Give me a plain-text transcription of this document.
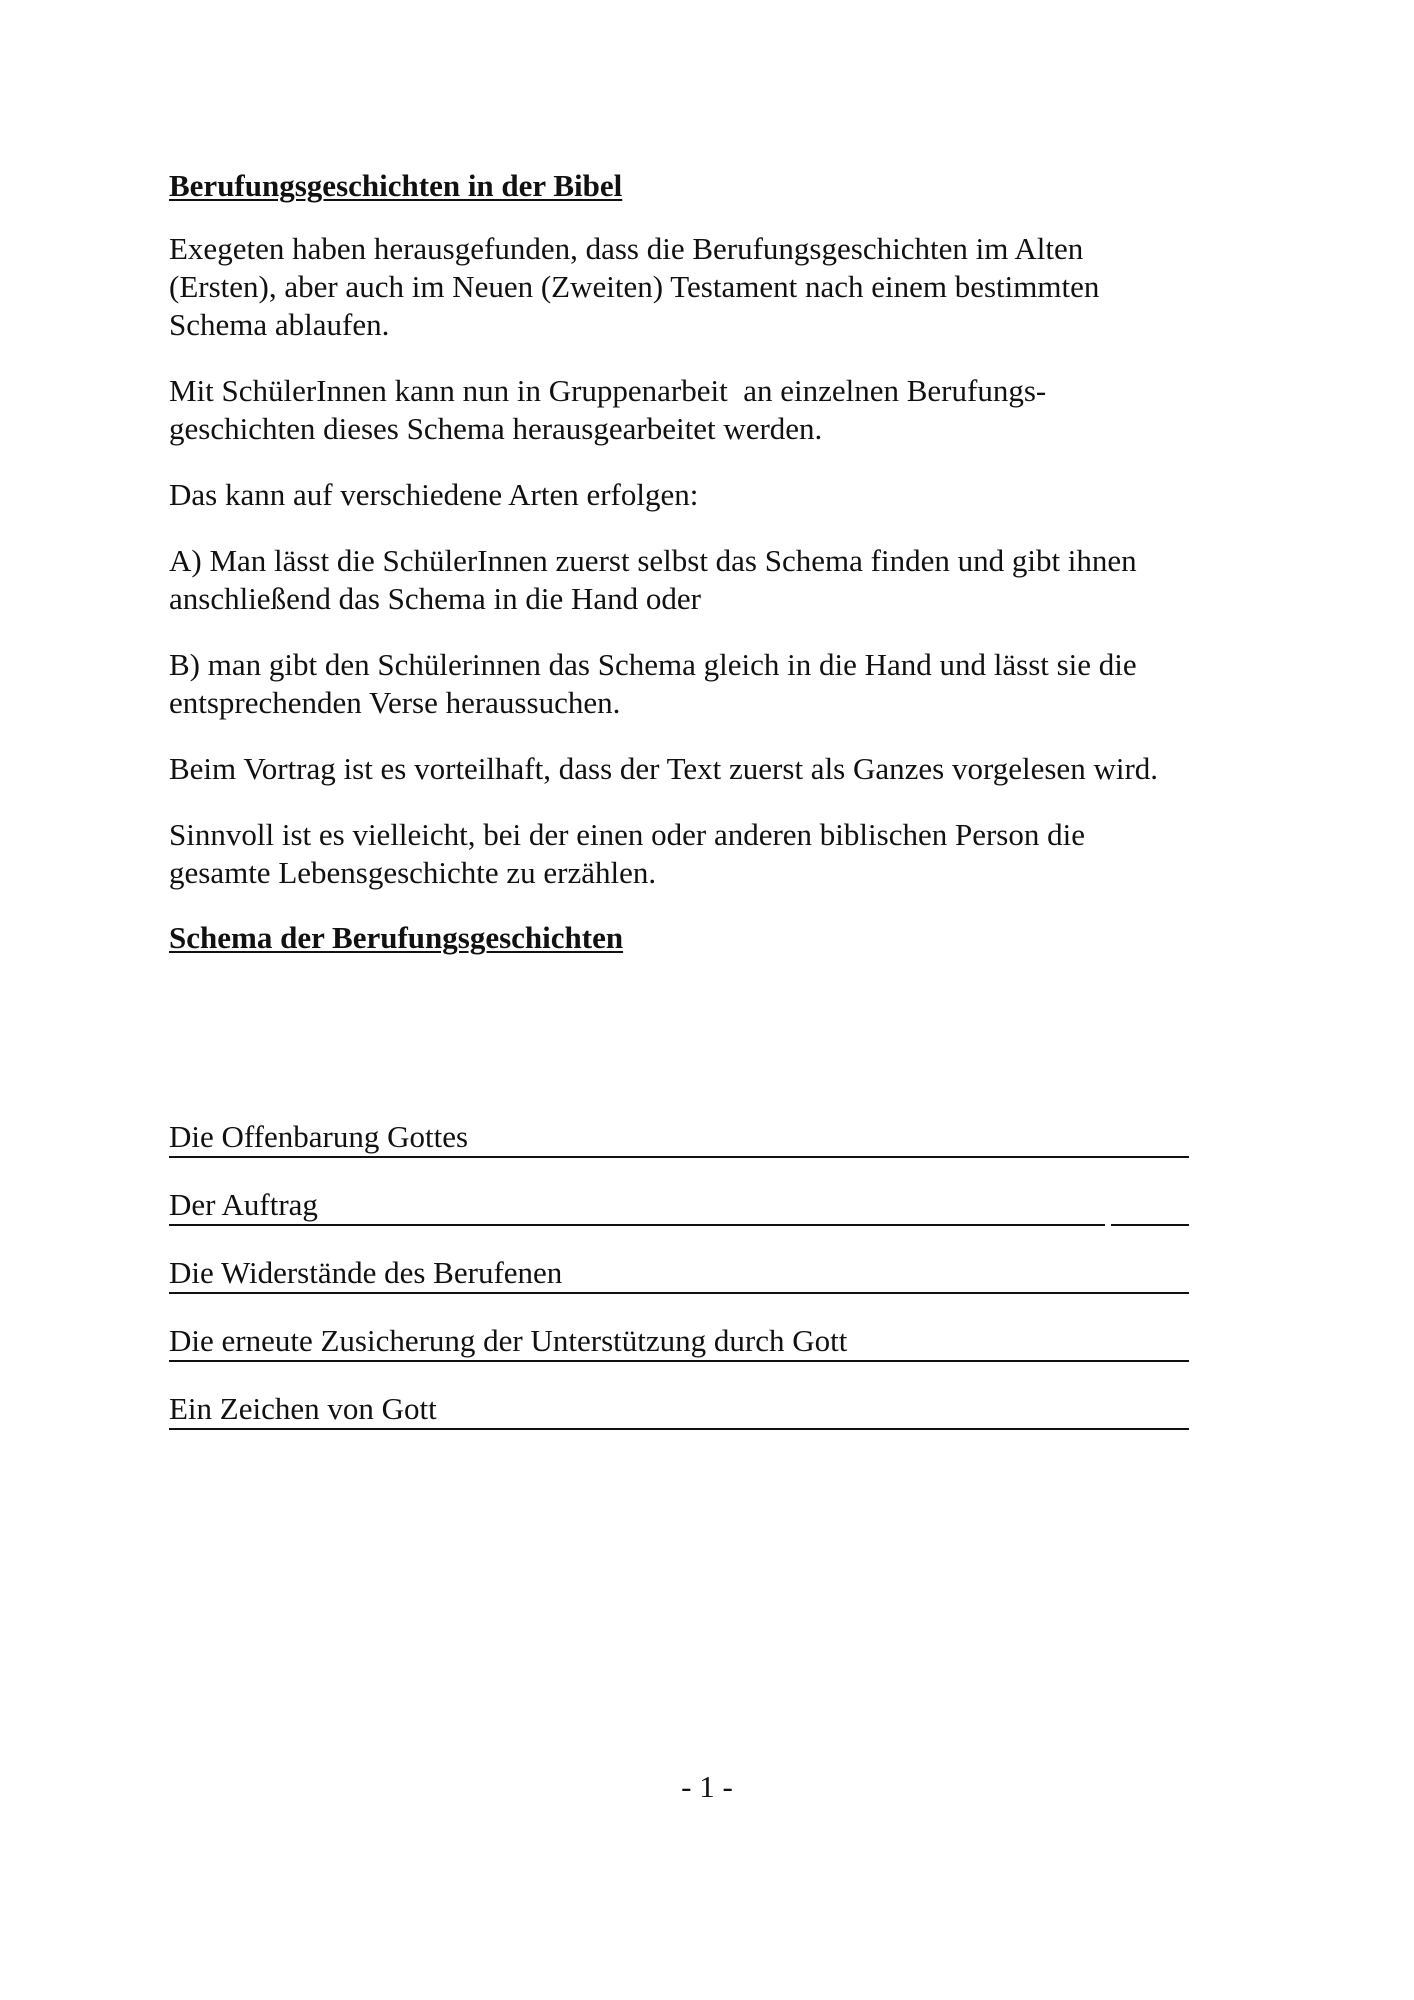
Berufungsgeschichten in der Bibel

Exegeten haben herausgefunden, dass die Berufungsgeschichten im Alten
(Ersten), aber auch im Neuen (Zweiten) Testament nach einem bestimmten
Schema ablaufen.

Mit SchülerInnen kann nun in Gruppenarbeit  an einzelnen Berufungs-
geschichten dieses Schema herausgearbeitet werden.

Das kann auf verschiedene Arten erfolgen:

A) Man lässt die SchülerInnen zuerst selbst das Schema finden und gibt ihnen
anschließend das Schema in die Hand oder

B) man gibt den Schülerinnen das Schema gleich in die Hand und lässt sie die
entsprechenden Verse heraussuchen.

Beim Vortrag ist es vorteilhaft, dass der Text zuerst als Ganzes vorgelesen wird.

Sinnvoll ist es vielleicht, bei der einen oder anderen biblischen Person die
gesamte Lebensgeschichte zu erzählen.

Schema der Berufungsgeschichten
Die Offenbarung Gottes
Der Auftrag
Die Widerstände des Berufenen
Die erneute Zusicherung der Unterstützung durch Gott
Ein Zeichen von Gott
- 1 -
